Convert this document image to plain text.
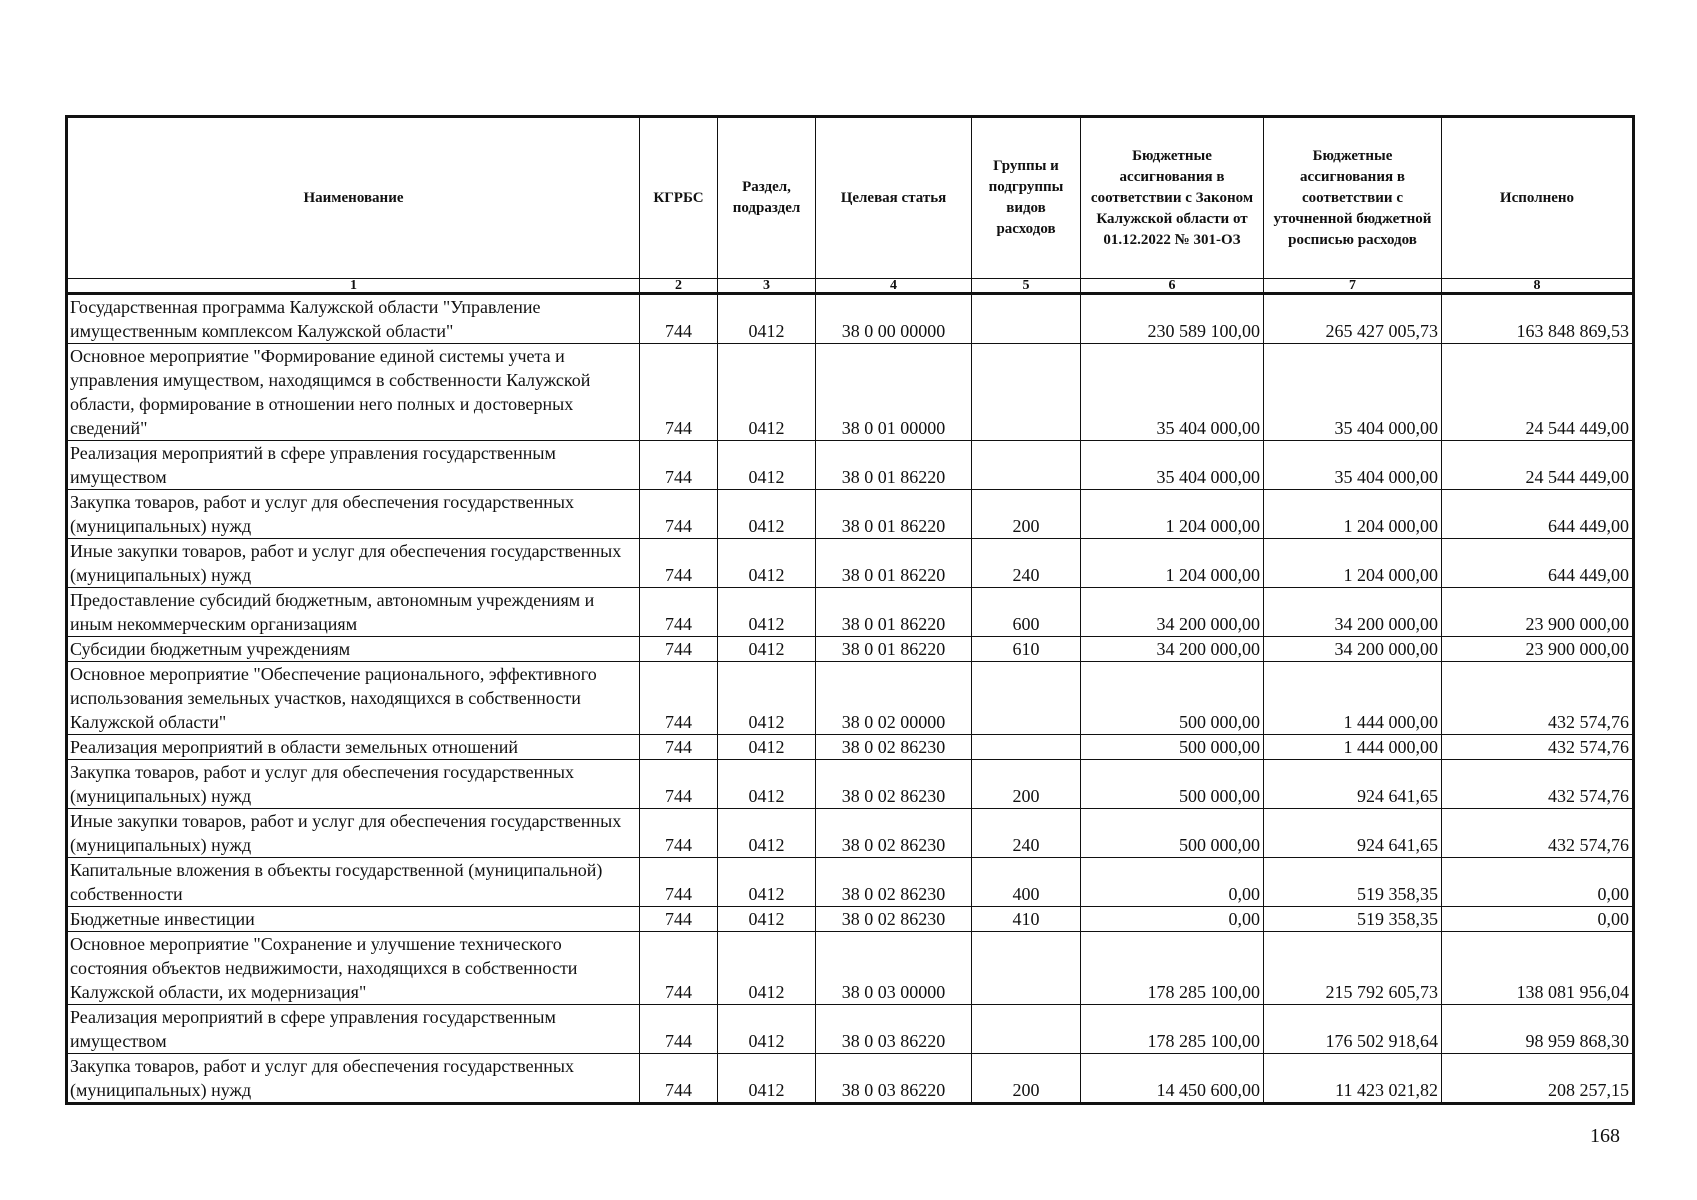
Наименование	КГРБС	Раздел, подраздел	Целевая статья	Группы и подгруппы видов расходов	Бюджетные ассигнования в соответствии с Законом Калужской области от 01.12.2022 № 301-ОЗ	Бюджетные ассигнования в соответствии с уточненной бюджетной росписью расходов	Исполнено
1	2	3	4	5	6	7	8
Государственная программа Калужской области "Управление имущественным комплексом Калужской области"	744	0412	38 0 00 00000		230 589 100,00	265 427 005,73	163 848 869,53
Основное мероприятие "Формирование единой системы учета и управления имуществом, находящимся в собственности Калужской области, формирование в отношении него полных и достоверных сведений"	744	0412	38 0 01 00000		35 404 000,00	35 404 000,00	24 544 449,00
Реализация мероприятий в сфере управления государственным имуществом	744	0412	38 0 01 86220		35 404 000,00	35 404 000,00	24 544 449,00
Закупка товаров, работ и услуг для обеспечения государственных (муниципальных) нужд	744	0412	38 0 01 86220	200	1 204 000,00	1 204 000,00	644 449,00
Иные закупки товаров, работ и услуг для обеспечения государственных (муниципальных) нужд	744	0412	38 0 01 86220	240	1 204 000,00	1 204 000,00	644 449,00
Предоставление субсидий бюджетным, автономным учреждениям и иным некоммерческим организациям	744	0412	38 0 01 86220	600	34 200 000,00	34 200 000,00	23 900 000,00
Субсидии бюджетным учреждениям	744	0412	38 0 01 86220	610	34 200 000,00	34 200 000,00	23 900 000,00
Основное мероприятие "Обеспечение рационального, эффективного использования земельных участков, находящихся в собственности Калужской области"	744	0412	38 0 02 00000		500 000,00	1 444 000,00	432 574,76
Реализация мероприятий в области земельных отношений	744	0412	38 0 02 86230		500 000,00	1 444 000,00	432 574,76
Закупка товаров, работ и услуг для обеспечения государственных (муниципальных) нужд	744	0412	38 0 02 86230	200	500 000,00	924 641,65	432 574,76
Иные закупки товаров, работ и услуг для обеспечения государственных (муниципальных) нужд	744	0412	38 0 02 86230	240	500 000,00	924 641,65	432 574,76
Капитальные вложения в объекты государственной (муниципальной) собственности	744	0412	38 0 02 86230	400	0,00	519 358,35	0,00
Бюджетные инвестиции	744	0412	38 0 02 86230	410	0,00	519 358,35	0,00
Основное мероприятие "Сохранение и улучшение технического состояния объектов недвижимости, находящихся в собственности Калужской области, их модернизация"	744	0412	38 0 03 00000		178 285 100,00	215 792 605,73	138 081 956,04
Реализация мероприятий в сфере управления государственным имуществом	744	0412	38 0 03 86220		178 285 100,00	176 502 918,64	98 959 868,30
Закупка товаров, работ и услуг для обеспечения государственных (муниципальных) нужд	744	0412	38 0 03 86220	200	14 450 600,00	11 423 021,82	208 257,15
168
